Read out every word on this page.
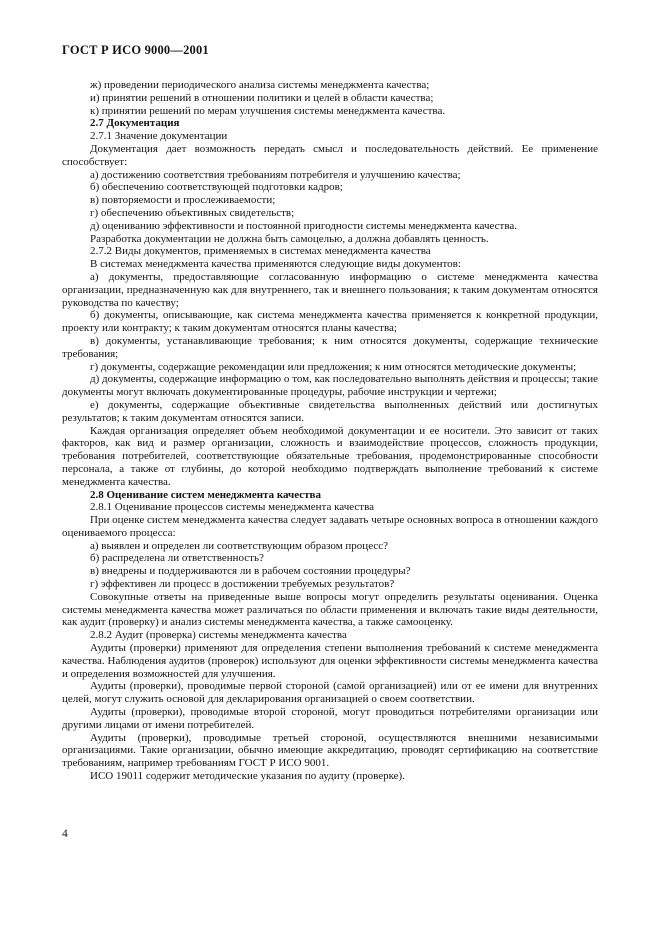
ГОСТ Р ИСО 9000—2001

ж) проведении периодического анализа системы менеджмента качества;

и) принятии решений в отношении политики и целей в области качества;

к) принятии решений по мерам улучшения системы менеджмента качества.

2.7 Документация

2.7.1 Значение документации

Документация дает возможность передать смысл и последовательность действий. Ее применение способствует:

а) достижению соответствия требованиям потребителя и улучшению качества;

б) обеспечению соответствующей подготовки кадров;

в) повторяемости и прослеживаемости;

г) обеспечению объективных свидетельств;

д) оцениванию эффективности и постоянной пригодности системы менеджмента качества.

Разработка документации не должна быть самоцелью, а должна добавлять ценность.

2.7.2 Виды документов, применяемых в системах менеджмента качества

В системах менеджмента качества применяются следующие виды документов:

а) документы, предоставляющие согласованную информацию о системе менеджмента качества организации, предназначенную как для внутреннего, так и внешнего пользования; к таким документам относятся руководства по качеству;

б) документы, описывающие, как система менеджмента качества применяется к конкретной продукции, проекту или контракту; к таким документам относятся планы качества;

в) документы, устанавливающие требования; к ним относятся документы, содержащие технические требования;

г) документы, содержащие рекомендации или предложения; к ним относятся методические документы;

д) документы, содержащие информацию о том, как последовательно выполнять действия и процессы; такие документы могут включать документированные процедуры, рабочие инструкции и чертежи;

е) документы, содержащие объективные свидетельства выполненных действий или достигнутых результатов; к таким документам относятся записи.

Каждая организация определяет объем необходимой документации и ее носители. Это зависит от таких факторов, как вид и размер организации, сложность и взаимодействие процессов, сложность продукции, требования потребителей, соответствующие обязательные требования, продемонстрированные способности персонала, а также от глубины, до которой необходимо подтверждать выполнение требований к системе менеджмента качества.

2.8 Оценивание систем менеджмента качества

2.8.1 Оценивание процессов системы менеджмента качества

При оценке систем менеджмента качества следует задавать четыре основных вопроса в отношении каждого оцениваемого процесса:

а) выявлен и определен ли соответствующим образом процесс?

б) распределена ли ответственность?

в) внедрены и поддерживаются ли в рабочем состоянии процедуры?

г) эффективен ли процесс в достижении требуемых результатов?

Совокупные ответы на приведенные выше вопросы могут определить результаты оценивания. Оценка системы менеджмента качества может различаться по области применения и включать такие виды деятельности, как аудит (проверку) и анализ системы менеджмента качества, а также самооценку.

2.8.2 Аудит (проверка) системы менеджмента качества

Аудиты (проверки) применяют для определения степени выполнения требований к системе менеджмента качества. Наблюдения аудитов (проверок) используют для оценки эффективности системы менеджмента качества и определения возможностей для улучшения.

Аудиты (проверки), проводимые первой стороной (самой организацией) или от ее имени для внутренних целей, могут служить основой для декларирования организацией о своем соответствии.

Аудиты (проверки), проводимые второй стороной, могут проводиться потребителями организации или другими лицами от имени потребителей.

Аудиты (проверки), проводимые третьей стороной, осуществляются внешними независимыми организациями. Такие организации, обычно имеющие аккредитацию, проводят сертификацию на соответствие требованиям, например требованиям ГОСТ Р ИСО 9001.

ИСО 19011 содержит методические указания по аудиту (проверке).

4
